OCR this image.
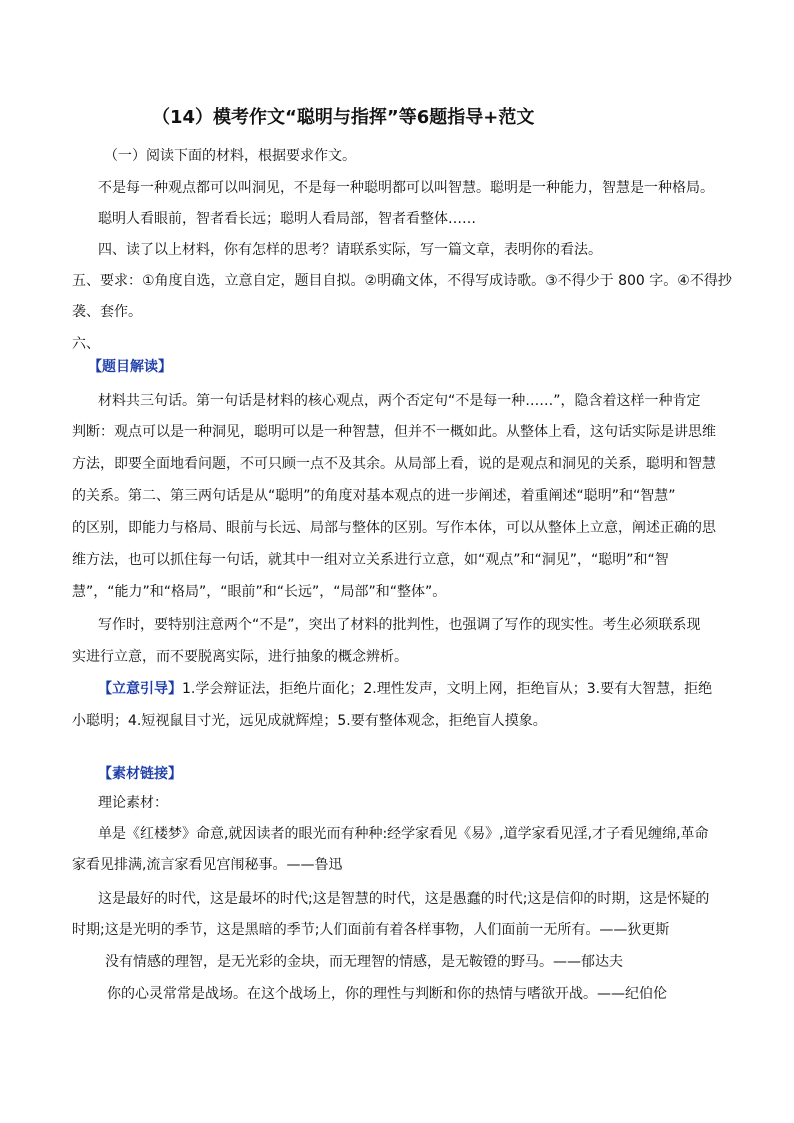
（14）模考作文“聪明与指挥”等6题指导+范文
（一）阅读下面的材料，根据要求作文。
不是每一种观点都可以叫洞见，不是每一种聪明都可以叫智慧。聪明是一种能力，智慧是一种格局。
聪明人看眼前，智者看长远；聪明人看局部，智者看整体……
四、读了以上材料，你有怎样的思考？请联系实际，写一篇文章，表明你的看法。
五、要求：①角度自选，立意自定，题目自拟。②明确文体，不得写成诗歌。③不得少于 800 字。④不得抄
袭、套作。
六、
【题目解读】
材料共三句话。第一句话是材料的核心观点，两个否定句“不是每一种……”，隐含着这样一种肯定
判断：观点可以是一种洞见，聪明可以是一种智慧，但并不一概如此。从整体上看，这句话实际是讲思维
方法，即要全面地看问题，不可只顾一点不及其余。从局部上看，说的是观点和洞见的关系，聪明和智慧
的关系。第二、第三两句话是从“聪明”的角度对基本观点的进一步阐述，着重阐述“聪明”和“智慧”
的区别，即能力与格局、眼前与长远、局部与整体的区别。写作本体，可以从整体上立意，阐述正确的思
维方法，也可以抓住每一句话，就其中一组对立关系进行立意，如“观点”和“洞见”，“聪明”和“智
慧”，“能力”和“格局”，“眼前”和“长远”，“局部”和“整体”。
写作时，要特别注意两个“不是”，突出了材料的批判性，也强调了写作的现实性。考生必须联系现
实进行立意，而不要脱离实际，进行抽象的概念辨析。
【立意引导】1.学会辩证法，拒绝片面化；2.理性发声，文明上网，拒绝盲从；3.要有大智慧，拒绝
小聪明；4.短视鼠目寸光，远见成就辉煌；5.要有整体观念，拒绝盲人摸象。
【素材链接】
理论素材：
单是《红楼梦》命意,就因读者的眼光而有种种:经学家看见《易》,道学家看见淫,才子看见缠绵,革命
家看见排满,流言家看见宫闱秘事。——鲁迅
这是最好的时代，这是最坏的时代;这是智慧的时代，这是愚蠢的时代;这是信仰的时期，这是怀疑的
时期;这是光明的季节，这是黑暗的季节;人们面前有着各样事物，人们面前一无所有。——狄更斯
没有情感的理智，是无光彩的金块，而无理智的情感，是无鞍镫的野马。——郁达夫
你的心灵常常是战场。在这个战场上，你的理性与判断和你的热情与嗜欲开战。——纪伯伦
